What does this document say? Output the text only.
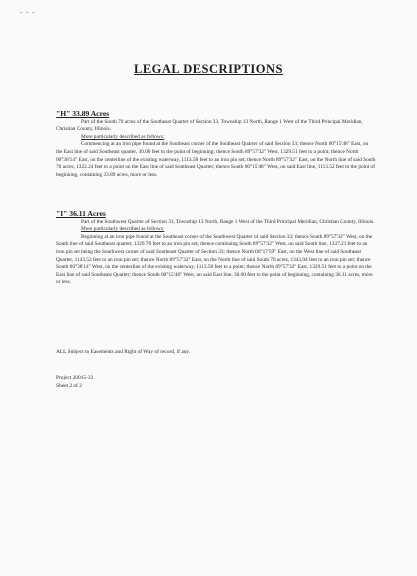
- - -
LEGAL DESCRIPTIONS
"H" 33.89 Acres

Part of the South 70 acres of the Southeast Quarter of Section 33, Township 13 North, Range 1 West of the Third Principal Meridian, Christian County, Illinois.

More particularly described as follows:

Commencing at an iron pipe found at the Southeast corner of the Southeast Quarter of said Section 33; thence North 00°15'48" East, on the East line of said Southeast quarter, 30.00 feet to the point of beginning; thence South 89°57'32" West, 1329.51 feet to a point; thence North 00°38'14" East, on the centerline of the existing waterway, 1113.58 feet to an iron pin set; thence North 89°57'32" East, on the North line of said South 70 acres, 1322.24 feet to a point on the East line of said Southeast Quarter; thence South 00°15'48" West, on said East line, 1113.52 feet to the point of beginning, containing 33.89 acres, more or less.

"I" 36.11 Acres

Part of the Southwest Quarter of Section 33, Township 13 North, Range 1 West of the Third Principal Meridian, Christian County, Illinois.

More particularly described as follows:

Beginning at an iron pipe found at the Southeast corner of the Southwest Quarter of said Section 33; thence South 89°57'32" West, on the South line of said Southeast quarter, 1329.70 feet to an iron pin set; thence continuing South 89°57'32" West, on said South line, 1337.21 feet to an iron pin set being the Southwest corner of said Southeast Quarter of Section 33; thence North 00°17'59" East, on the West line of said Southeast Quarter, 1143.52 feet to an iron pin set; thence North 89°57'32" East, on the North line of said South 70 acres, 1343.94 feet to an iron pin set; thence South 00°38'14" West, on the centerline of the existing waterway, 1113.58 feet to a point; thence North 89°57'32" East, 1329.51 feet to a point on the East line of said Southeast Quarter; thence South 00°15'48" West, on said East line, 30.00 feet to the point of beginning, containing 36.11 acres, more or less.

ALL Subject to Easements and Right of Way of record, if any.
Project 20015-33
Sheet 2 of 2
